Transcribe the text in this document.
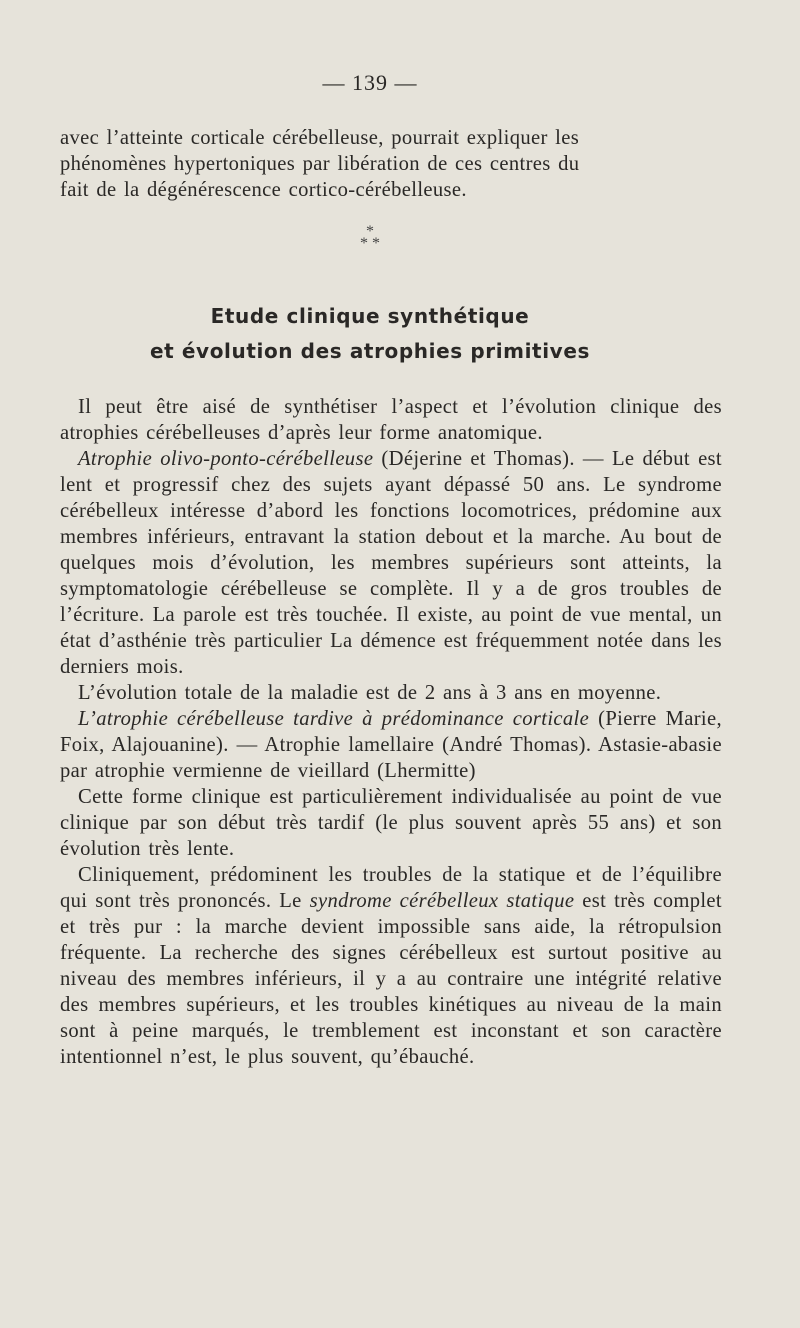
— 139 —

avec l’atteinte corticale cérébelleuse, pourrait expliquer les

phénomènes hypertoniques par libération de ces centres du

fait de la dégénérescence cortico-cérébelleuse.

*
* *
Etude clinique synthétique
et évolution des atrophies primitives

Il peut être aisé de synthétiser l’aspect et l’évolution clinique des atrophies cérébelleuses d’après leur forme anatomique.

Atrophie olivo-ponto-cérébelleuse (Déjerine et Thomas). — Le début est lent et progressif chez des sujets ayant dépassé 50 ans. Le syndrome cérébelleux intéresse d’abord les fonctions locomotrices, prédomine aux membres inférieurs, entravant la station debout et la marche. Au bout de quelques mois d’évolution, les membres supérieurs sont atteints, la symptomatologie cérébelleuse se complète. Il y a de gros troubles de l’écriture. La parole est très touchée. Il existe, au point de vue mental, un état d’asthénie très particulier La démence est fréquemment notée dans les derniers mois.

L’évolution totale de la maladie est de 2 ans à 3 ans en moyenne.

L’atrophie cérébelleuse tardive à prédominance corticale (Pierre Marie, Foix, Alajouanine). — Atrophie lamellaire (André Thomas). Astasie-abasie par atrophie vermienne de vieillard (Lhermitte)

Cette forme clinique est particulièrement individualisée au point de vue clinique par son début très tardif (le plus souvent après 55 ans) et son évolution très lente.

Cliniquement, prédominent les troubles de la statique et de l’équilibre qui sont très prononcés. Le syndrome cérébelleux statique est très complet et très pur : la marche devient impossible sans aide, la rétropulsion fréquente. La recherche des signes cérébelleux est surtout positive au niveau des membres inférieurs, il y a au contraire une intégrité relative des membres supérieurs, et les troubles kinétiques au niveau de la main sont à peine marqués, le tremblement est inconstant et son caractère intentionnel n’est, le plus souvent, qu’ébauché.
